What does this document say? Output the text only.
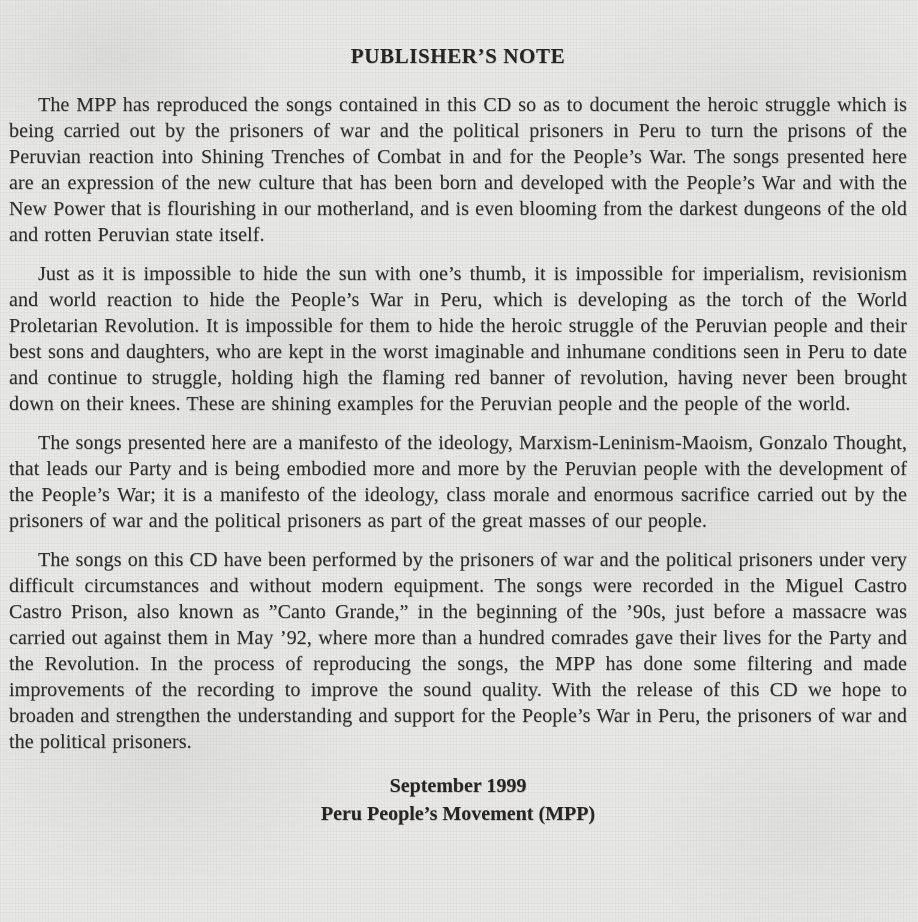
PUBLISHER’S NOTE

The MPP has reproduced the songs contained in this CD so as to document the heroic struggle which is being carried out by the prisoners of war and the political prisoners in Peru to turn the prisons of the Peruvian reaction into Shining Trenches of Combat in and for the People’s War. The songs presented here are an expression of the new culture that has been born and developed with the People’s War and with the New Power that is flourishing in our motherland, and is even blooming from the darkest dungeons of the old and rotten Peruvian state itself.

Just as it is impossible to hide the sun with one’s thumb, it is impossible for imperialism, revisionism and world reaction to hide the People’s War in Peru, which is developing as the torch of the World Proletarian Revolution. It is impossible for them to hide the heroic struggle of the Peruvian people and their best sons and daughters, who are kept in the worst imaginable and inhumane conditions seen in Peru to date and continue to struggle, holding high the flaming red banner of revolution, having never been brought down on their knees. These are shining examples for the Peruvian people and the people of the world.

The songs presented here are a manifesto of the ideology, Marxism-Leninism-Maoism, Gonzalo Thought, that leads our Party and is being embodied more and more by the Peruvian people with the development of the People’s War; it is a manifesto of the ideology, class morale and enormous sacrifice carried out by the prisoners of war and the political prisoners as part of the great masses of our people.

The songs on this CD have been performed by the prisoners of war and the political prisoners under very difficult circumstances and without modern equipment. The songs were recorded in the Miguel Castro Castro Prison, also known as ”Canto Grande,” in the beginning of the ’90s, just before a massacre was carried out against them in May ’92, where more than a hundred comrades gave their lives for the Party and the Revolution. In the process of reproducing the songs, the MPP has done some filtering and made improvements of the recording to improve the sound quality. With the release of this CD we hope to broaden and strengthen the understanding and support for the People’s War in Peru, the prisoners of war and the political prisoners.

September 1999
Peru People’s Movement (MPP)
